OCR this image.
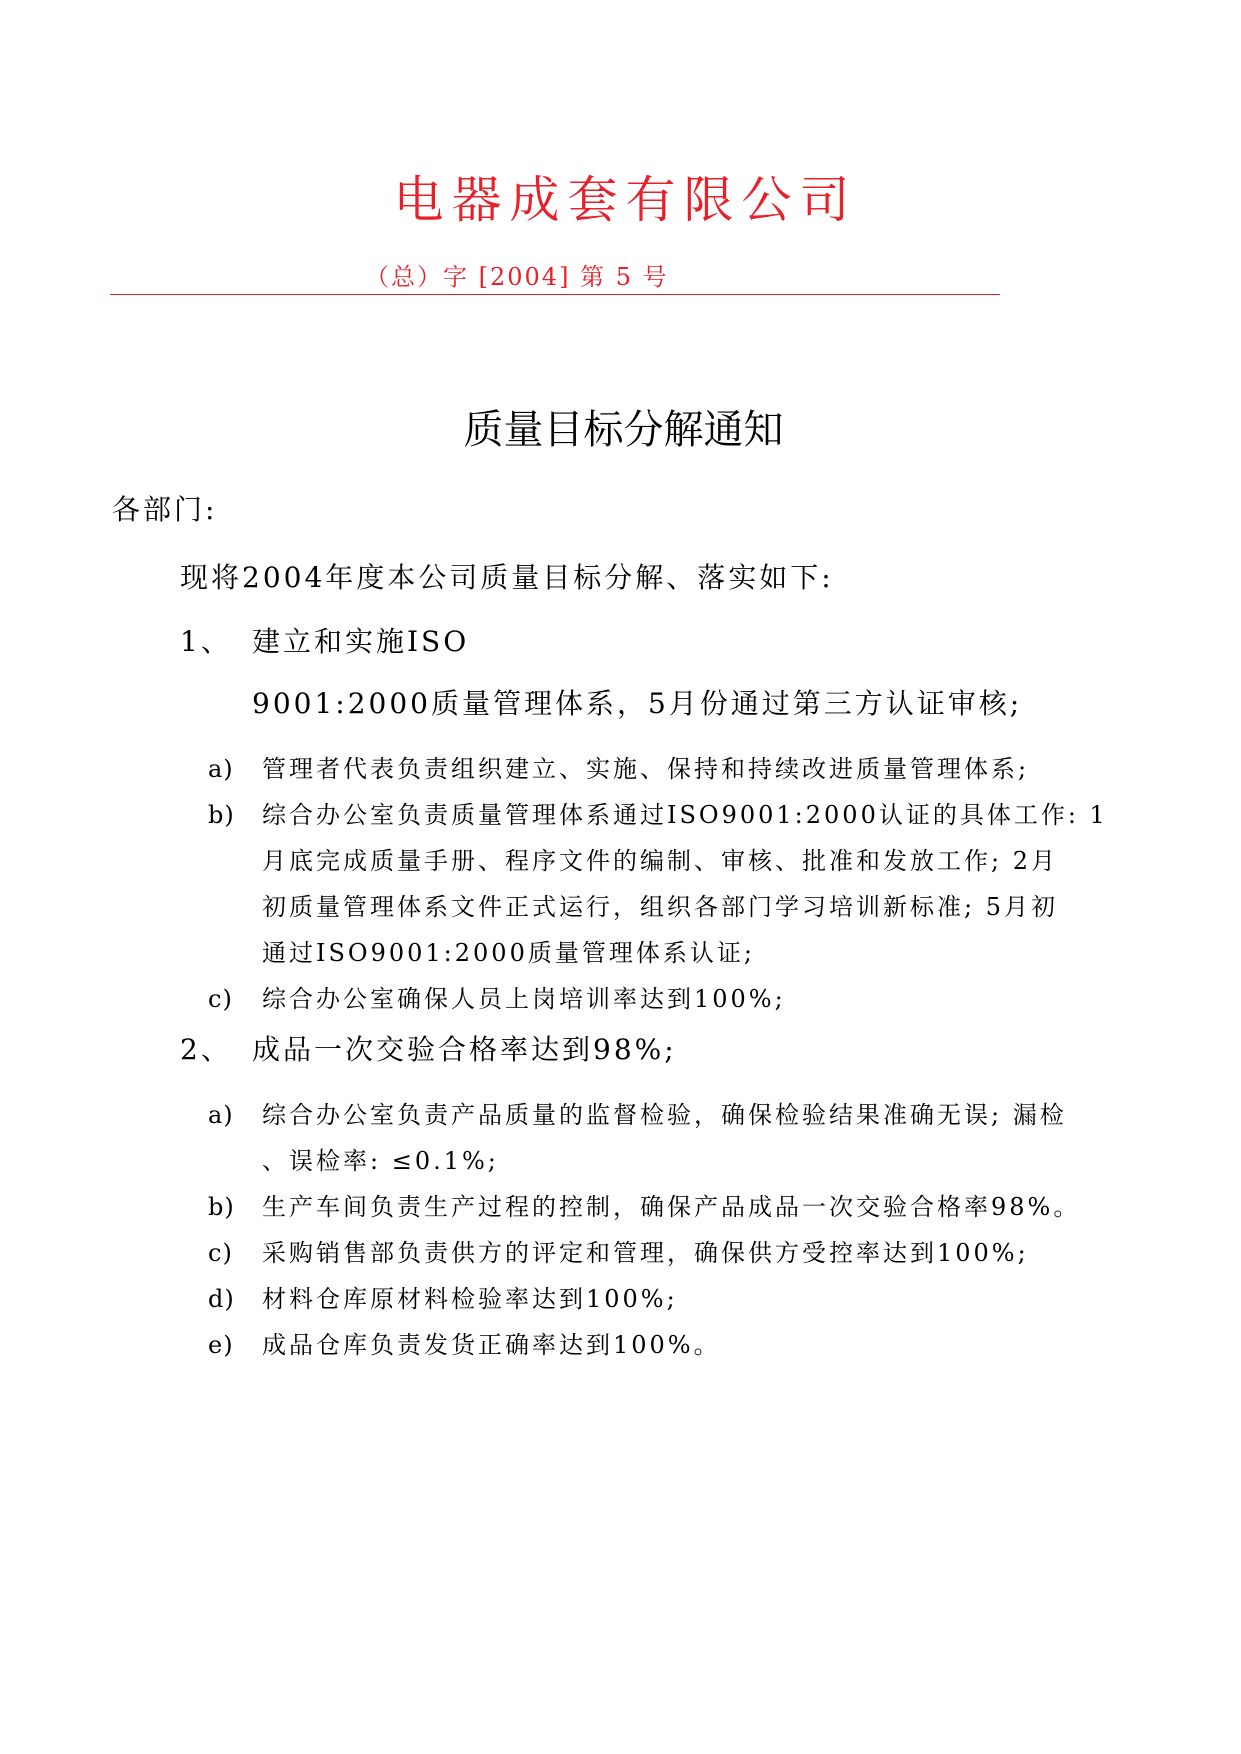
电器成套有限公司
（总）字 [2004] 第 5 号
质量目标分解通知
各部门:
现将2004年度本公司质量目标分解、落实如下:
1、 建立和实施ISO
9001:2000质量管理体系，5月份通过第三方认证审核;
a) 管理者代表负责组织建立、实施、保持和持续改进质量管理体系;
b) 综合办公室负责质量管理体系通过ISO9001:2000认证的具体工作: 1
月底完成质量手册、程序文件的编制、审核、批准和发放工作; 2月
初质量管理体系文件正式运行，组织各部门学习培训新标准; 5月初
通过ISO9001:2000质量管理体系认证;
c) 综合办公室确保人员上岗培训率达到100%;
2、 成品一次交验合格率达到98%;
a) 综合办公室负责产品质量的监督检验，确保检验结果准确无误; 漏检
、误检率: ≤0.1%;
b) 生产车间负责生产过程的控制，确保产品成品一次交验合格率98%。
c) 采购销售部负责供方的评定和管理，确保供方受控率达到100%;
d) 材料仓库原材料检验率达到100%;
e) 成品仓库负责发货正确率达到100%。
